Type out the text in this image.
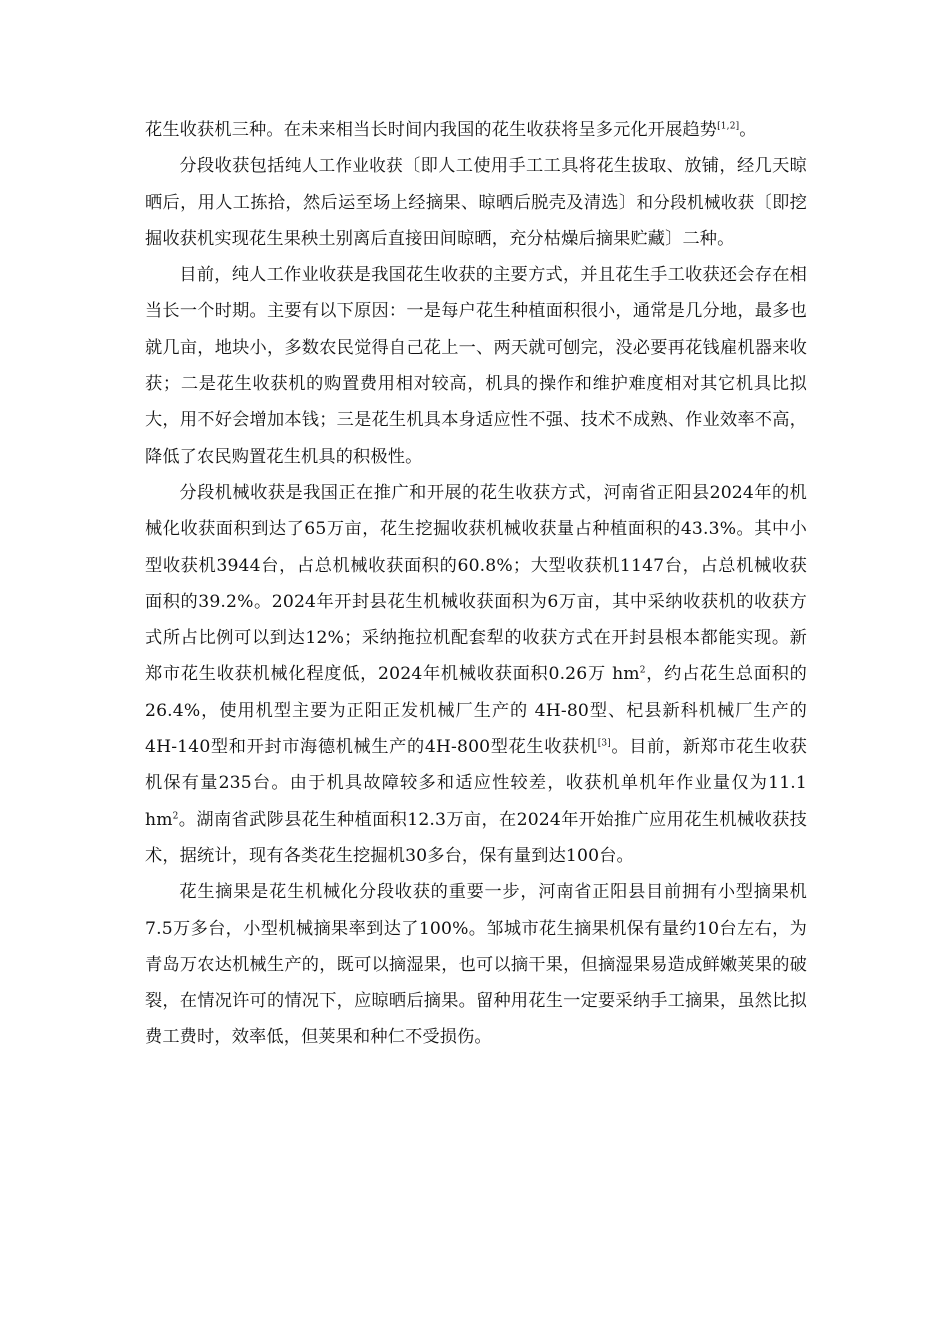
花生收获机三种。在未来相当长时间内我国的花生收获将呈多元化开展趋势[1,2]。

分段收获包括纯人工作业收获〔即人工使用手工工具将花生拔取、放铺，经几天晾晒后，用人工拣拾，然后运至场上经摘果、晾晒后脱壳及清选〕和分段机械收获〔即挖掘收获机实现花生果秧土别离后直接田间晾晒，充分枯燥后摘果贮藏〕二种。

目前，纯人工作业收获是我国花生收获的主要方式，并且花生手工收获还会存在相当长一个时期。主要有以下原因：一是每户花生种植面积很小，通常是几分地，最多也就几亩，地块小，多数农民觉得自己花上一、两天就可刨完，没必要再花钱雇机器来收获；二是花生收获机的购置费用相对较高，机具的操作和维护难度相对其它机具比拟大，用不好会增加本钱；三是花生机具本身适应性不强、技术不成熟、作业效率不高，降低了农民购置花生机具的积极性。

分段机械收获是我国正在推广和开展的花生收获方式，河南省正阳县2024年的机械化收获面积到达了65万亩，花生挖掘收获机械收获量占种植面积的43.3%。其中小型收获机3944台，占总机械收获面积的60.8%；大型收获机1147台，占总机械收获面积的39.2%。2024年开封县花生机械收获面积为6万亩，其中采纳收获机的收获方式所占比例可以到达12%；采纳拖拉机配套犁的收获方式在开封县根本都能实现。新郑市花生收获机械化程度低，2024年机械收获面积0.26万 $hm^2$，约占花生总面积的26.4%，使用机型主要为正阳正发机械厂生产的 4H-80型、杞县新科机械厂生产的4H-140型和开封市海德机械生产的4H-800型花生收获机[3]。目前，新郑市花生收获机保有量235台。由于机具故障较多和适应性较差，收获机单机年作业量仅为11.1 $hm^2$。湖南省武陟县花生种植面积12.3万亩，在2024年开始推广应用花生机械收获技术，据统计，现有各类花生挖掘机30多台，保有量到达100台。

花生摘果是花生机械化分段收获的重要一步，河南省正阳县目前拥有小型摘果机7.5万多台，小型机械摘果率到达了100%。邹城市花生摘果机保有量约10台左右，为青岛万农达机械生产的，既可以摘湿果，也可以摘干果，但摘湿果易造成鲜嫩荚果的破裂，在情况许可的情况下，应晾晒后摘果。留种用花生一定要采纳手工摘果，虽然比拟费工费时，效率低，但荚果和种仁不受损伤。
